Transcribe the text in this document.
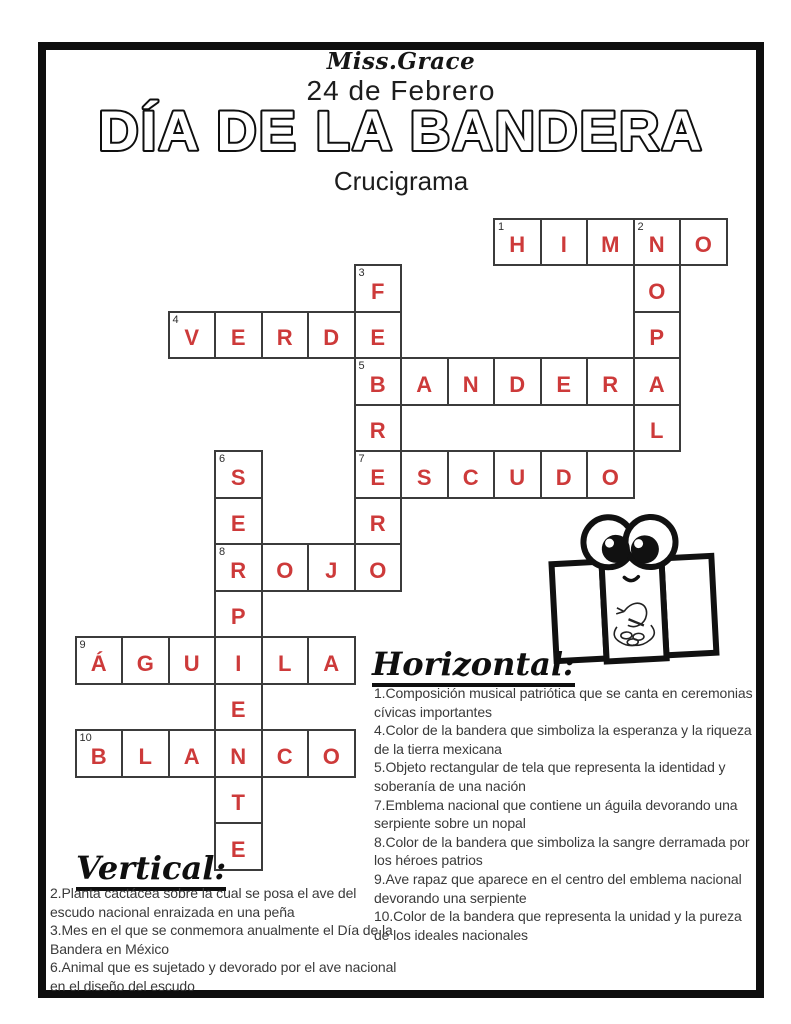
Miss.Grace
24 de Febrero
DÍA DE LA BANDERA
Crucigrama
1
H I M
2
N O
3
F	O
4
V E R D E	P
5
B A N D E R A
R	L
6
S
7
E S C U D O
E	R
8
R O J O
P
9
Á G U I L A
E
10
B L A N C O
T
E
Horizontal:
1.Composición musical patriótica que se canta en ceremonias cívicas importantes
4.Color de la bandera que simboliza la esperanza y la riqueza de la tierra mexicana
5.Objeto rectangular de tela que representa la identidad y soberanía de una nación
7.Emblema nacional que contiene un águila devorando una serpiente sobre un nopal
8.Color de la bandera que simboliza la sangre derramada por los héroes patrios
9.Ave rapaz que aparece en el centro del emblema nacional devorando una serpiente
10.Color de la bandera que representa la unidad y la pureza de los ideales nacionales
Vertical:
2.Planta cactácea sobre la cual se posa el ave del escudo nacional enraizada en una peña
3.Mes en el que se conmemora anualmente el Día de la Bandera en México
6.Animal que es sujetado y devorado por el ave nacional en el diseño del escudo
